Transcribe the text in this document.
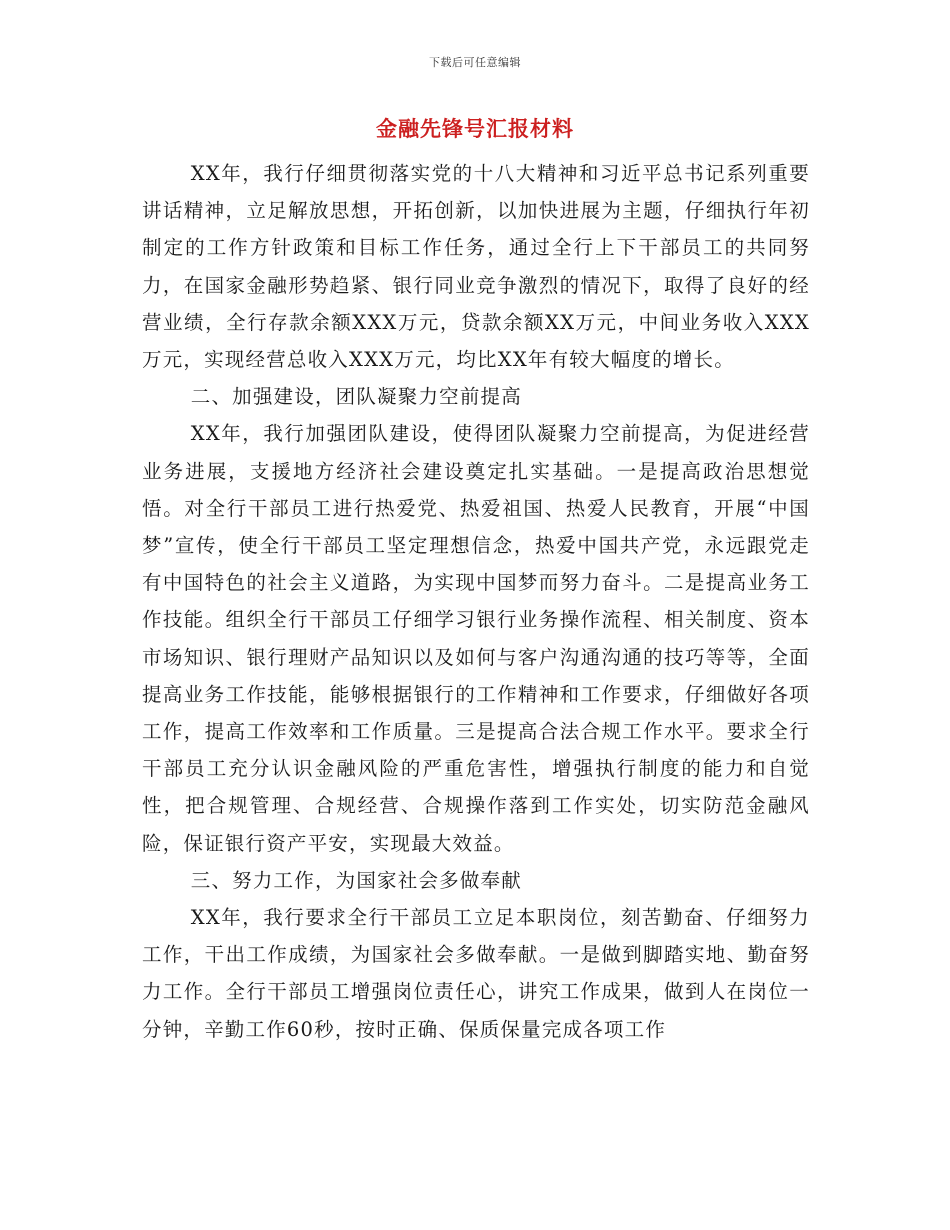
下载后可任意编辑
金融先锋号汇报材料

XX年，我行仔细贯彻落实党的十八大精神和习近平总书记系列重要讲话精神，立足解放思想，开拓创新，以加快进展为主题，仔细执行年初制定的工作方针政策和目标工作任务，通过全行上下干部员工的共同努力，在国家金融形势趋紧、银行同业竞争激烈的情况下，取得了良好的经营业绩，全行存款余额XXX万元，贷款余额XX万元，中间业务收入XXX万元，实现经营总收入XXX万元，均比XX年有较大幅度的增长。

二、加强建设，团队凝聚力空前提高

XX年，我行加强团队建设，使得团队凝聚力空前提高，为促进经营业务进展，支援地方经济社会建设奠定扎实基础。一是提高政治思想觉悟。对全行干部员工进行热爱党、热爱祖国、热爱人民教育，开展“中国梦”宣传，使全行干部员工坚定理想信念，热爱中国共产党，永远跟党走有中国特色的社会主义道路，为实现中国梦而努力奋斗。二是提高业务工作技能。组织全行干部员工仔细学习银行业务操作流程、相关制度、资本市场知识、银行理财产品知识以及如何与客户沟通沟通的技巧等等，全面提高业务工作技能，能够根据银行的工作精神和工作要求，仔细做好各项工作，提高工作效率和工作质量。三是提高合法合规工作水平。要求全行干部员工充分认识金融风险的严重危害性，增强执行制度的能力和自觉性，把合规管理、合规经营、合规操作落到工作实处，切实防范金融风险，保证银行资产平安，实现最大效益。

三、努力工作，为国家社会多做奉献

XX年，我行要求全行干部员工立足本职岗位，刻苦勤奋、仔细努力工作，干出工作成绩，为国家社会多做奉献。一是做到脚踏实地、勤奋努力工作。全行干部员工增强岗位责任心，讲究工作成果，做到人在岗位一分钟，辛勤工作60秒，按时正确、保质保量完成各项工作
